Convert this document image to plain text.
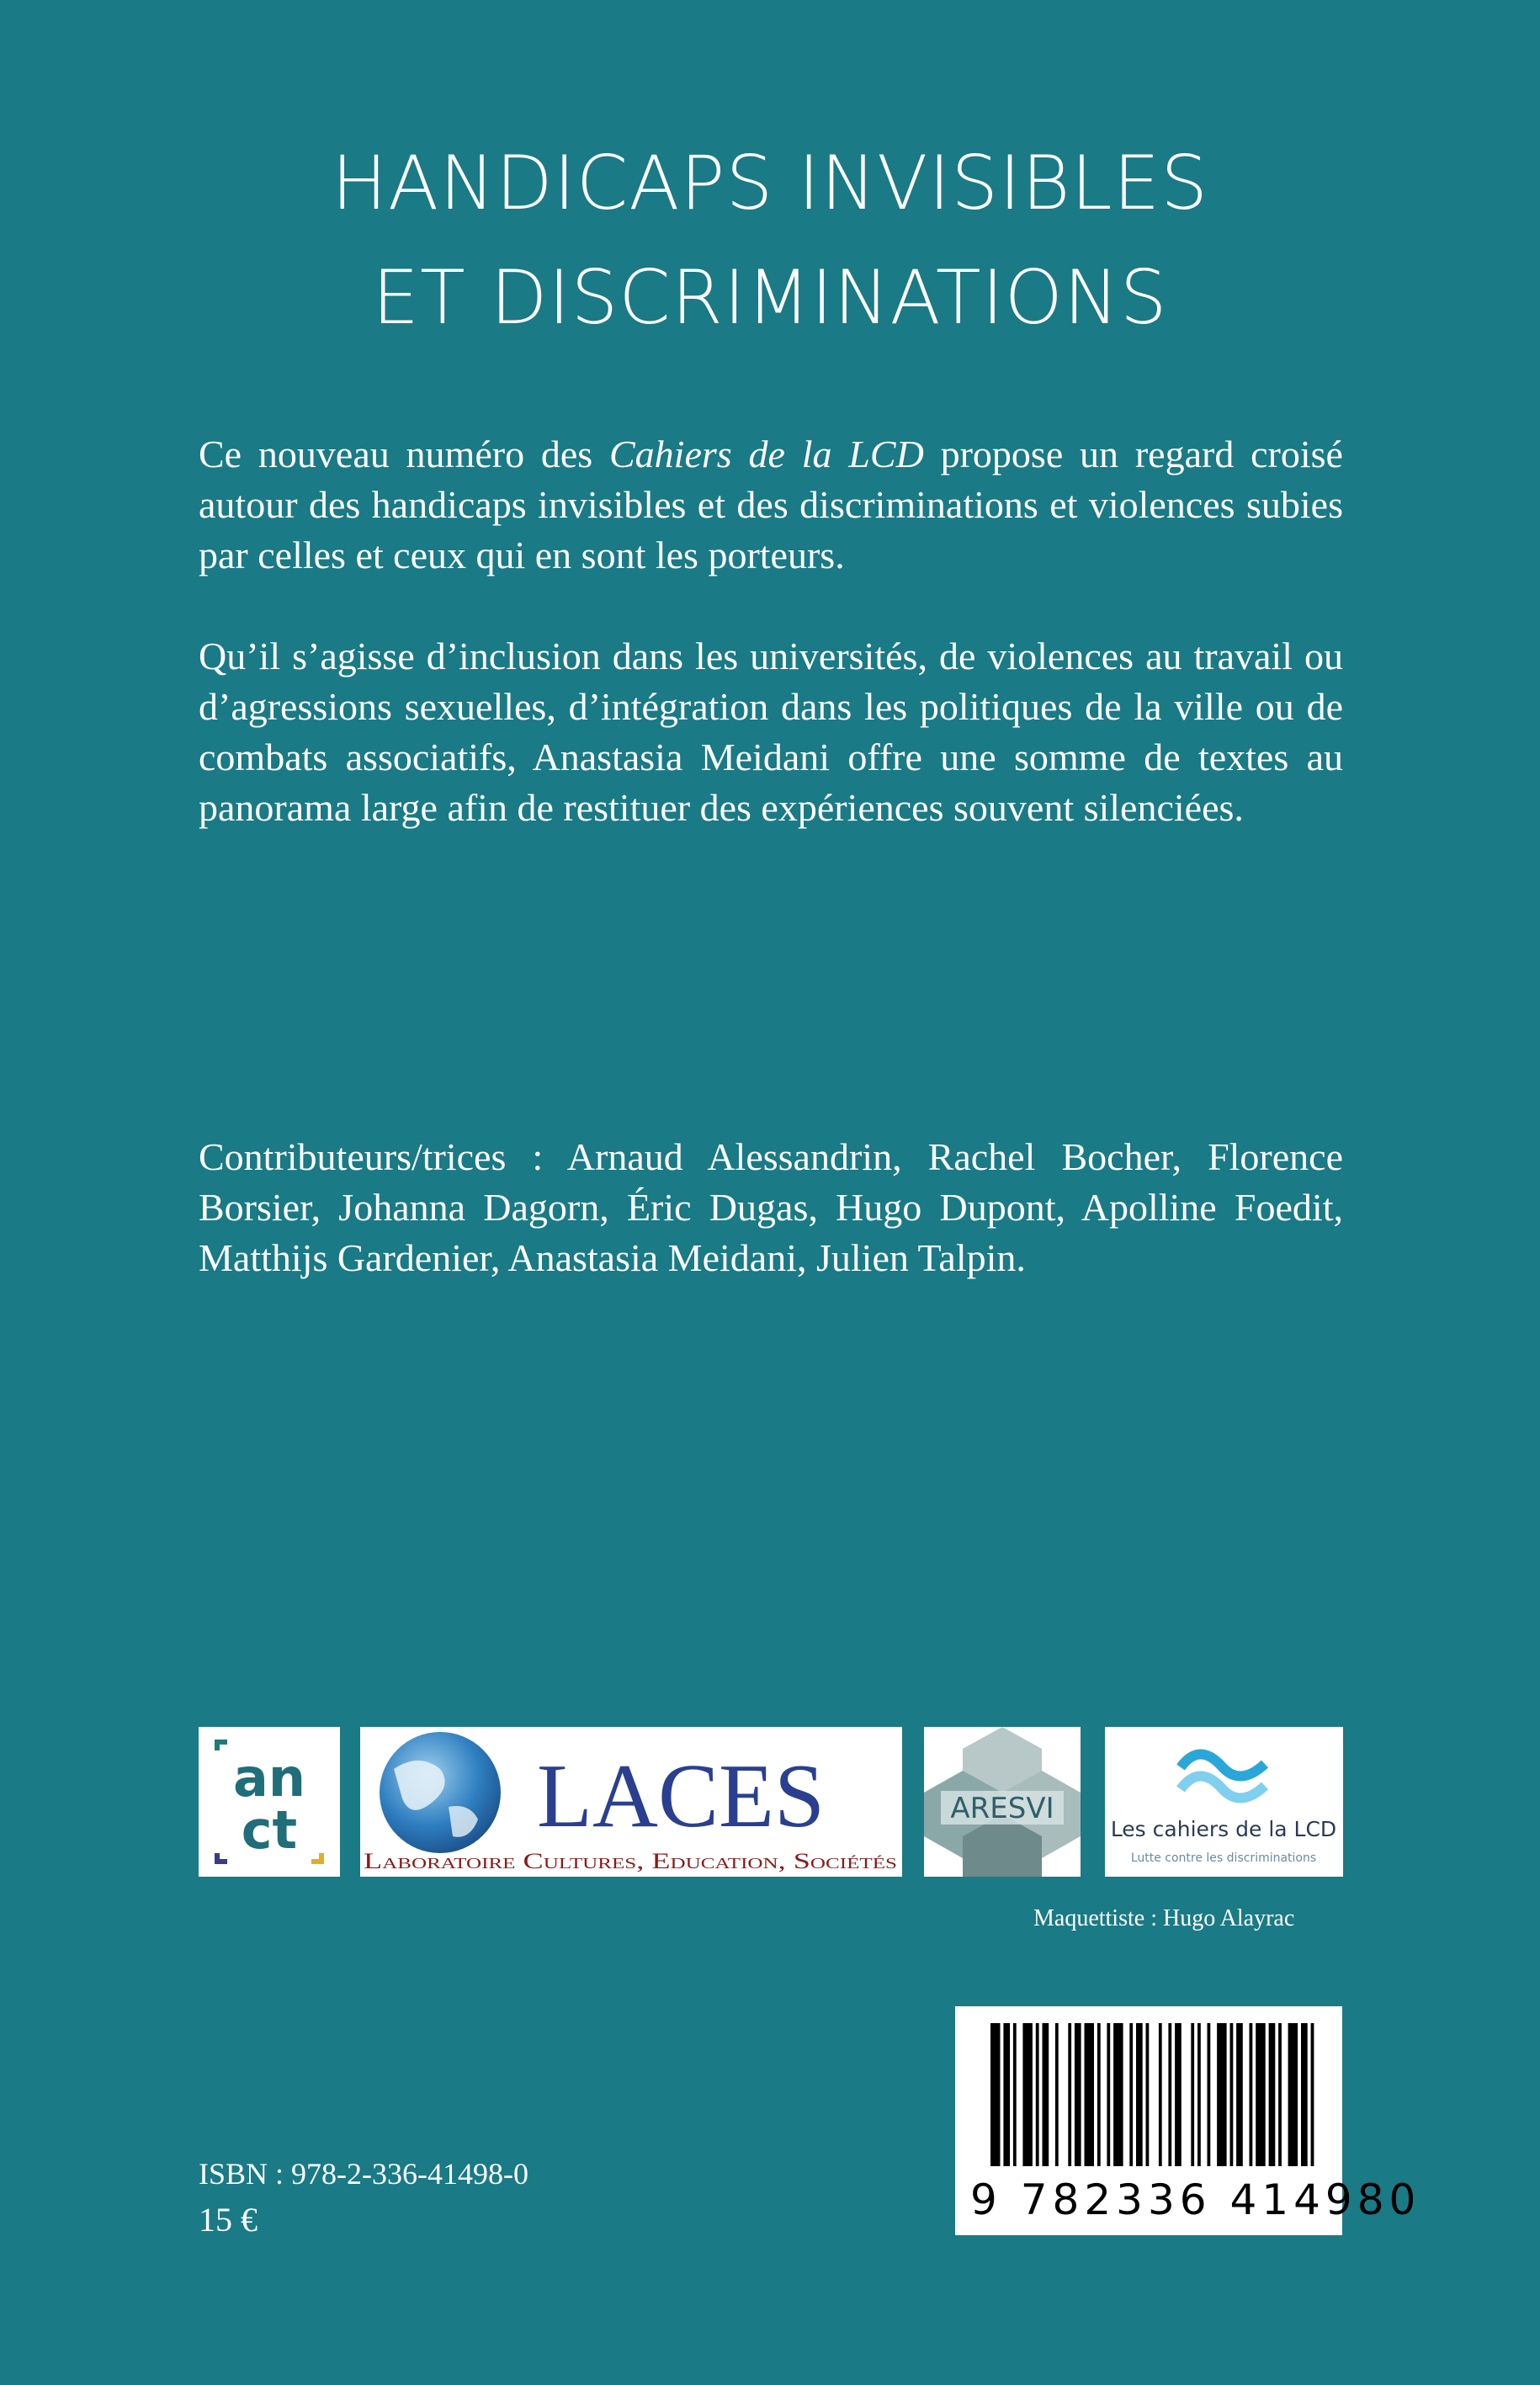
HANDICAPS INVISIBLES
ET DISCRIMINATIONS
Ce nouveau numéro des Cahiers de la LCD propose un regard croisé autour des handicaps invisibles et des discriminations et violences subies par celles et ceux qui en sont les porteurs.
Qu’il s’agisse d’inclusion dans les universités, de violences au travail ou d’agressions sexuelles, d’intégration dans les politiques de la ville ou de combats associatifs, Anastasia Meidani offre une somme de textes au panorama large afin de restituer des expériences souvent silenciées.
Contributeurs/trices : Arnaud Alessandrin, Rachel Bocher, Florence Borsier, Johanna Dagorn, Éric Dugas, Hugo Dupont, Apolline Foedit, Matthijs Gardenier, Anastasia Meidani, Julien Talpin.
an
ct	LACES
Laboratoire Cultures, Education, Sociétés
ARESVI
Les cahiers de la LCD
Lutte contre les discriminations
Maquettiste : Hugo Alayrac
ISBN : 978-2-336-41498-0
15 €	9 782336 414980
